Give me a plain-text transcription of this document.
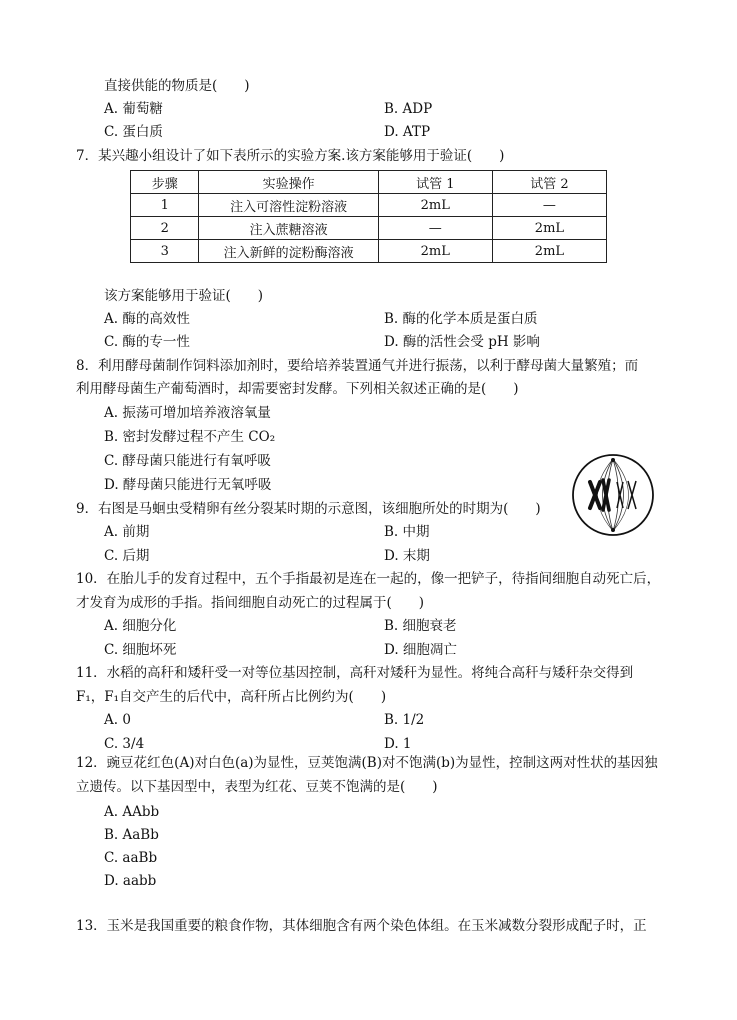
直接供能的物质是(　　)
A. 葡萄糖	B. ADP
C. 蛋白质	D. ATP
7．某兴趣小组设计了如下表所示的实验方案.该方案能够用于验证(　　)
步骤	实验操作	试管 1	试管 2
1	注入可溶性淀粉溶液	2mL	—
2	注入蔗糖溶液	—	2mL
3	注入新鲜的淀粉酶溶液	2mL	2mL
该方案能够用于验证(　　)
A. 酶的高效性	B. 酶的化学本质是蛋白质
C. 酶的专一性	D. 酶的活性会受 pH 影响
8．利用酵母菌制作饲料添加剂时，要给培养装置通气并进行振荡，以利于酵母菌大量繁殖；而
利用酵母菌生产葡萄酒时，却需要密封发酵。下列相关叙述正确的是(　　)
A. 振荡可增加培养液溶氧量
B. 密封发酵过程不产生 CO₂
C. 酵母菌只能进行有氧呼吸
D. 酵母菌只能进行无氧呼吸
9．右图是马蛔虫受精卵有丝分裂某时期的示意图，该细胞所处的时期为(　　)
A. 前期	B. 中期
C. 后期	D. 末期
10．在胎儿手的发育过程中，五个手指最初是连在一起的，像一把铲子，待指间细胞自动死亡后，
才发育为成形的手指。指间细胞自动死亡的过程属于(　　)
A. 细胞分化	B. 细胞衰老
C. 细胞坏死	D. 细胞凋亡
11．水稻的高秆和矮秆受一对等位基因控制，高秆对矮秆为显性。将纯合高秆与矮秆杂交得到
F₁，F₁自交产生的后代中，高秆所占比例约为(　　)
A. 0	B. 1/2
C. 3/4	D. 1
12．豌豆花红色(A)对白色(a)为显性，豆荚饱满(B)对不饱满(b)为显性，控制这两对性状的基因独
立遗传。以下基因型中，表型为红花、豆荚不饱满的是(　　)
A. AAbb
B. AaBb
C. aaBb
D. aabb
13．玉米是我国重要的粮食作物，其体细胞含有两个染色体组。在玉米减数分裂形成配子时，正
